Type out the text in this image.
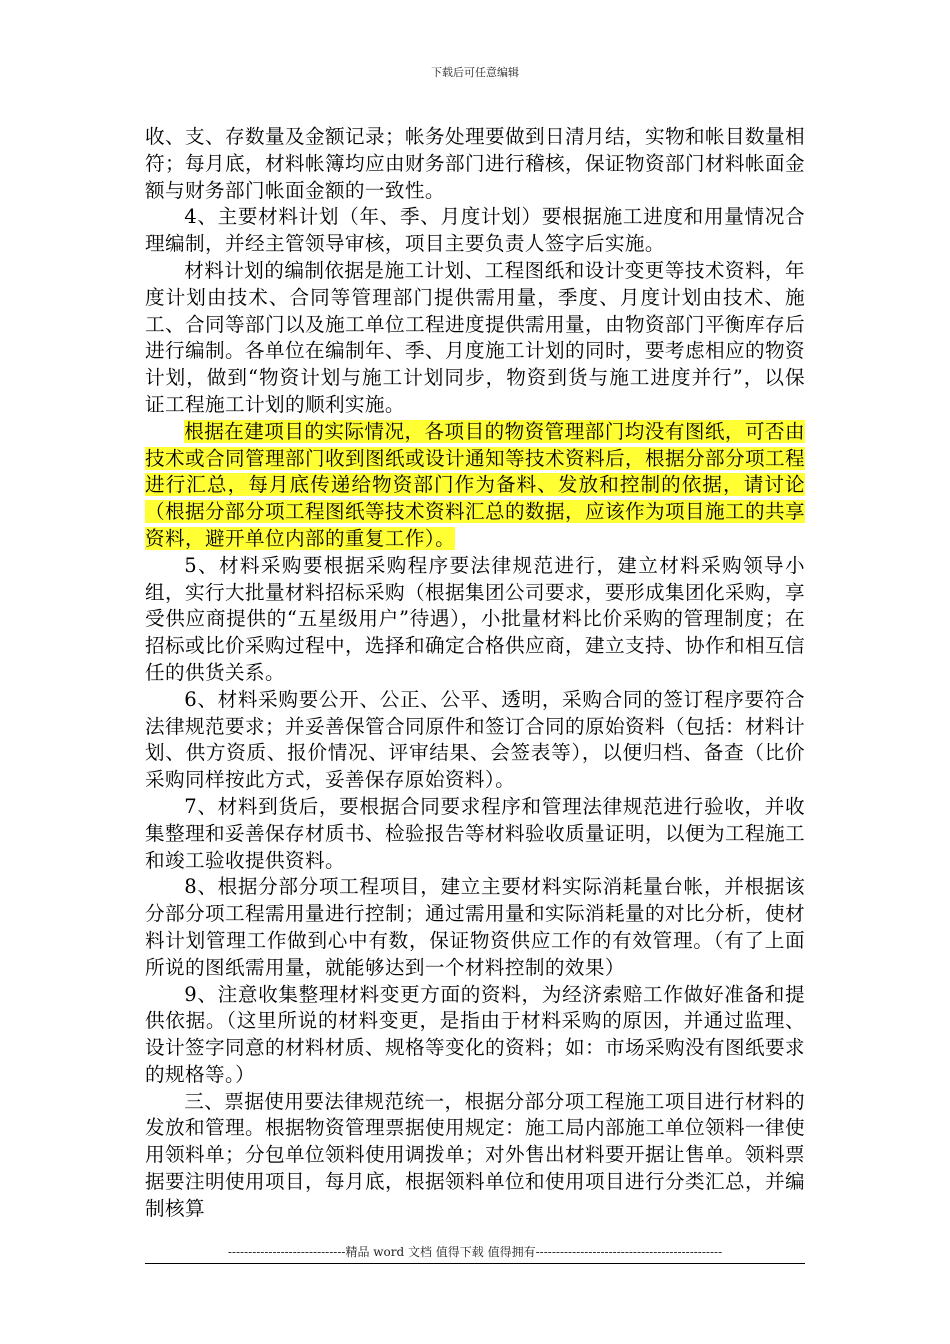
下载后可任意编辑

收、支、存数量及金额记录；帐务处理要做到日清月结，实物和帐目数量相符；每月底，材料帐簿均应由财务部门进行稽核，保证物资部门材料帐面金额与财务部门帐面金额的一致性。

4、主要材料计划（年、季、月度计划）要根据施工进度和用量情况合理编制，并经主管领导审核，项目主要负责人签字后实施。

材料计划的编制依据是施工计划、工程图纸和设计变更等技术资料，年度计划由技术、合同等管理部门提供需用量，季度、月度计划由技术、施工、合同等部门以及施工单位工程进度提供需用量，由物资部门平衡库存后进行编制。各单位在编制年、季、月度施工计划的同时，要考虑相应的物资计划，做到“物资计划与施工计划同步，物资到货与施工进度并行”，以保证工程施工计划的顺利实施。

根据在建项目的实际情况，各项目的物资管理部门均没有图纸，可否由技术或合同管理部门收到图纸或设计通知等技术资料后，根据分部分项工程进行汇总，每月底传递给物资部门作为备料、发放和控制的依据，请讨论（根据分部分项工程图纸等技术资料汇总的数据，应该作为项目施工的共享资料，避开单位内部的重复工作）。

5、材料采购要根据采购程序要法律规范进行，建立材料采购领导小组，实行大批量材料招标采购（根据集团公司要求，要形成集团化采购，享受供应商提供的“五星级用户”待遇），小批量材料比价采购的管理制度；在招标或比价采购过程中，选择和确定合格供应商，建立支持、协作和相互信任的供货关系。

6、材料采购要公开、公正、公平、透明，采购合同的签订程序要符合法律规范要求；并妥善保管合同原件和签订合同的原始资料（包括：材料计划、供方资质、报价情况、评审结果、会签表等），以便归档、备查（比价采购同样按此方式，妥善保存原始资料）。

7、材料到货后，要根据合同要求程序和管理法律规范进行验收，并收集整理和妥善保存材质书、检验报告等材料验收质量证明，以便为工程施工和竣工验收提供资料。

8、根据分部分项工程项目，建立主要材料实际消耗量台帐，并根据该分部分项工程需用量进行控制；通过需用量和实际消耗量的对比分析，使材料计划管理工作做到心中有数，保证物资供应工作的有效管理。（有了上面所说的图纸需用量，就能够达到一个材料控制的效果）

9、注意收集整理材料变更方面的资料，为经济索赔工作做好准备和提供依据。（这里所说的材料变更，是指由于材料采购的原因，并通过监理、设计签字同意的材料材质、规格等变化的资料；如：市场采购没有图纸要求的规格等。）

三、票据使用要法律规范统一，根据分部分项工程施工项目进行材料的发放和管理。根据物资管理票据使用规定：施工局内部施工单位领料一律使用领料单；分包单位领料使用调拨单；对外售出材料要开据让售单。领料票据要注明使用项目，每月底，根据领料单位和使用项目进行分类汇总，并编制核算

-----------------------------精品 word 文档 值得下载 值得拥有----------------------------------------------
